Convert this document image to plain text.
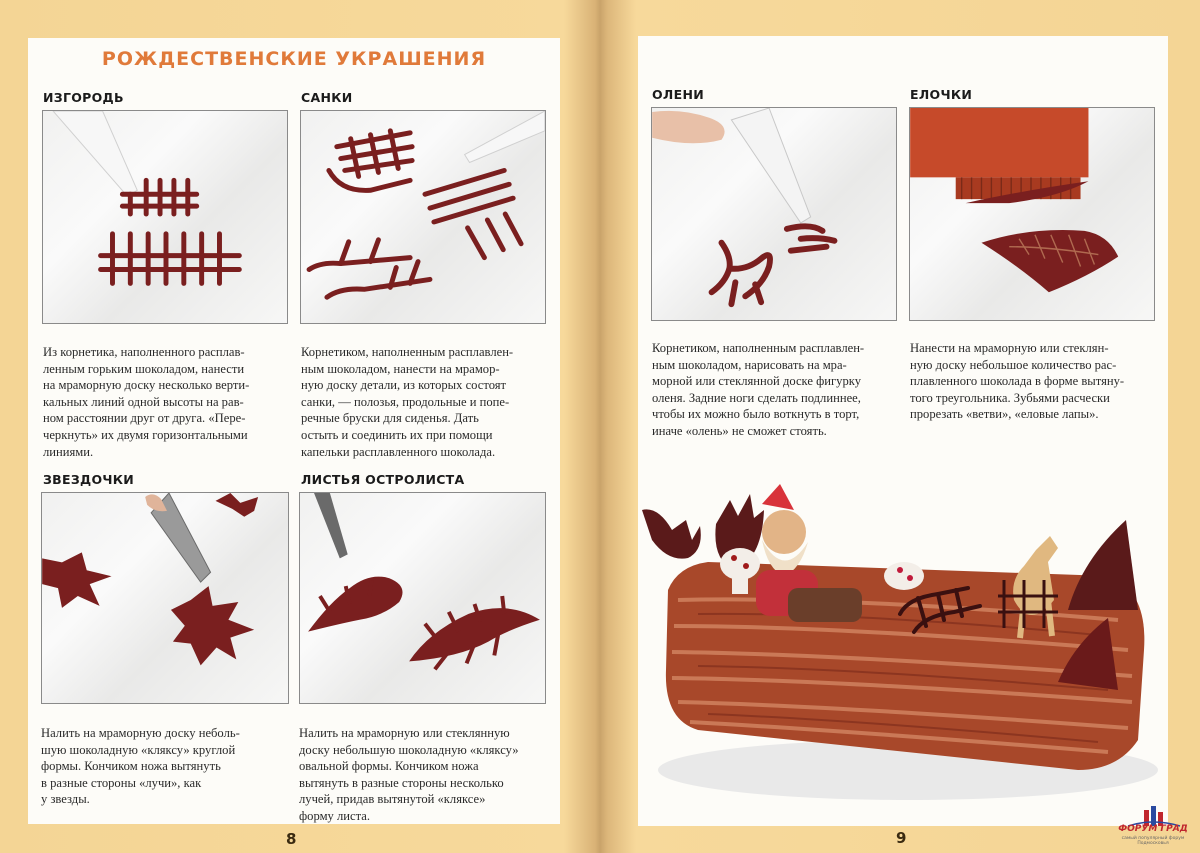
РОЖДЕСТВЕНСКИЕ УКРАШЕНИЯ
ИЗГОРОДЬ
Из корнетика, наполненного расплав-
ленным горьким шоколадом, нанести
на мраморную доску несколько верти-
кальных линий одной высоты на рав-
ном расстоянии друг от друга. «Пере-
черкнуть» их двумя горизонтальными
линиями.
САНКИ
Корнетиком, наполненным расплавлен-
ным шоколадом, нанести на мрамор-
ную доску детали, из которых состоят
санки, — полозья, продольные и попе-
речные бруски для сиденья. Дать
остыть и соединить их при помощи
капельки расплавленного шоколада.
ЗВЕЗДОЧКИ
Налить на мраморную доску неболь-
шую шоколадную «кляксу» круглой
формы. Кончиком ножа вытянуть
в разные стороны «лучи», как
у звезды.
ЛИСТЬЯ ОСТРОЛИСТА
Налить на мраморную или стеклянную
доску небольшую шоколадную «кляксу»
овальной формы. Кончиком ножа
вытянуть в разные стороны несколько
лучей, придав вытянутой «кляксе»
форму листа.
8
ОЛЕНИ
Корнетиком, наполненным расплавлен-
ным шоколадом, нарисовать на мра-
морной или стеклянной доске фигурку
оленя. Задние ноги сделать подлиннее,
чтобы их можно было воткнуть в торт,
иначе «олень» не сможет стоять.
ЕЛОЧКИ
Нанести на мраморную или стеклян-
ную доску небольшое количество рас-
плавленного шоколада в форме вытяну-
того треугольника. Зубьями расчески
прорезать «ветви», «еловые лапы».
9	ФОРУМ ГРАД
самый популярный форум Подмосковья
